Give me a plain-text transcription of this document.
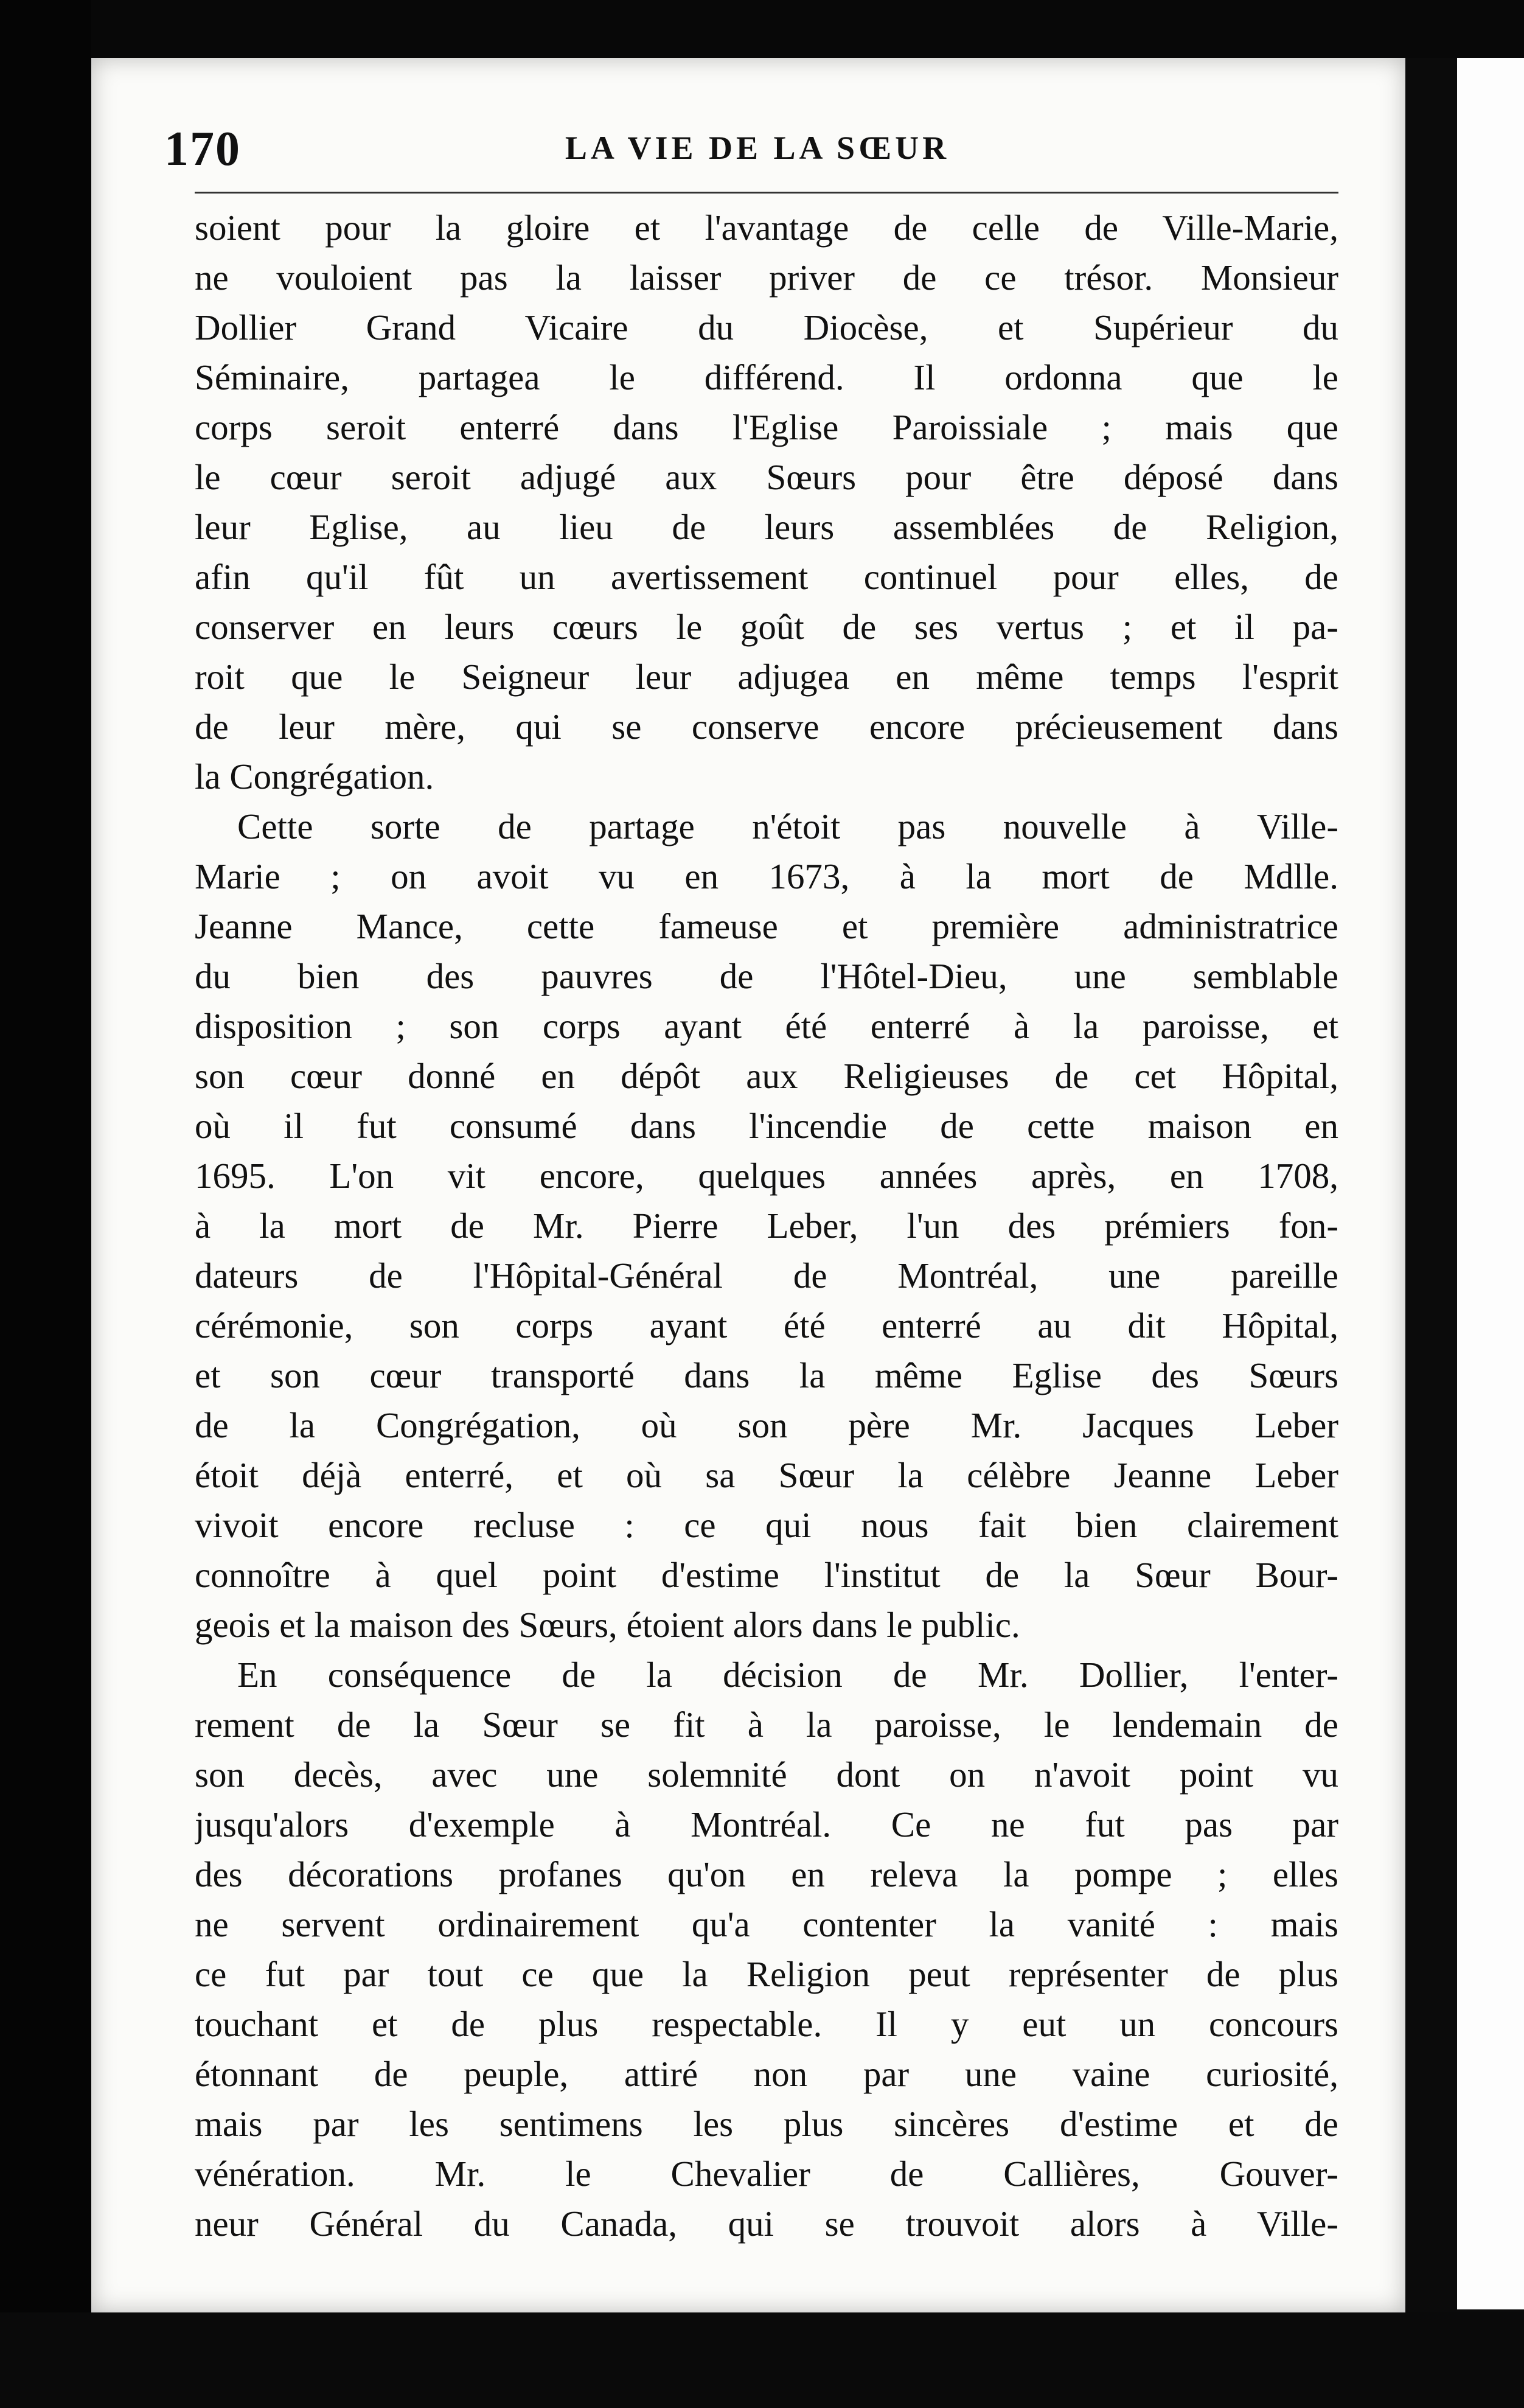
170	LA VIE DE LA SŒUR
soient pour la gloire et l'avantage de celle de Ville-Marie,
ne vouloient pas la laisser priver de ce trésor. Monsieur
Dollier Grand Vicaire du Diocèse, et Supérieur du
Séminaire, partagea le différend. Il ordonna que le
corps seroit enterré dans l'Eglise Paroissiale ; mais que
le cœur seroit adjugé aux Sœurs pour être déposé dans
leur Eglise, au lieu de leurs assemblées de Religion,
afin qu'il fût un avertissement continuel pour elles, de
conserver en leurs cœurs le goût de ses vertus ; et il pa-
roit que le Seigneur leur adjugea en même temps l'esprit
de leur mère, qui se conserve encore précieusement dans
la Congrégation.
Cette sorte de partage n'étoit pas nouvelle à Ville-
Marie ; on avoit vu en 1673, à la mort de Mdlle.
Jeanne Mance, cette fameuse et première administratrice
du bien des pauvres de l'Hôtel-Dieu, une semblable
disposition ; son corps ayant été enterré à la paroisse, et
son cœur donné en dépôt aux Religieuses de cet Hôpital,
où il fut consumé dans l'incendie de cette maison en
1695. L'on vit encore, quelques années après, en 1708,
à la mort de Mr. Pierre Leber, l'un des prémiers fon-
dateurs de l'Hôpital-Général de Montréal, une pareille
cérémonie, son corps ayant été enterré au dit Hôpital,
et son cœur transporté dans la même Eglise des Sœurs
de la Congrégation, où son père Mr. Jacques Leber
étoit déjà enterré, et où sa Sœur la célèbre Jeanne Leber
vivoit encore recluse : ce qui nous fait bien clairement
connoître à quel point d'estime l'institut de la Sœur Bour-
geois et la maison des Sœurs, étoient alors dans le public.
En conséquence de la décision de Mr. Dollier, l'enter-
rement de la Sœur se fit à la paroisse, le lendemain de
son decès, avec une solemnité dont on n'avoit point vu
jusqu'alors d'exemple à Montréal. Ce ne fut pas par
des décorations profanes qu'on en releva la pompe ; elles
ne servent ordinairement qu'a contenter la vanité : mais
ce fut par tout ce que la Religion peut représenter de plus
touchant et de plus respectable. Il y eut un concours
étonnant de peuple, attiré non par une vaine curiosité,
mais par les sentimens les plus sincères d'estime et de
vénération. Mr. le Chevalier de Callières, Gouver-
neur Général du Canada, qui se trouvoit alors à Ville-
